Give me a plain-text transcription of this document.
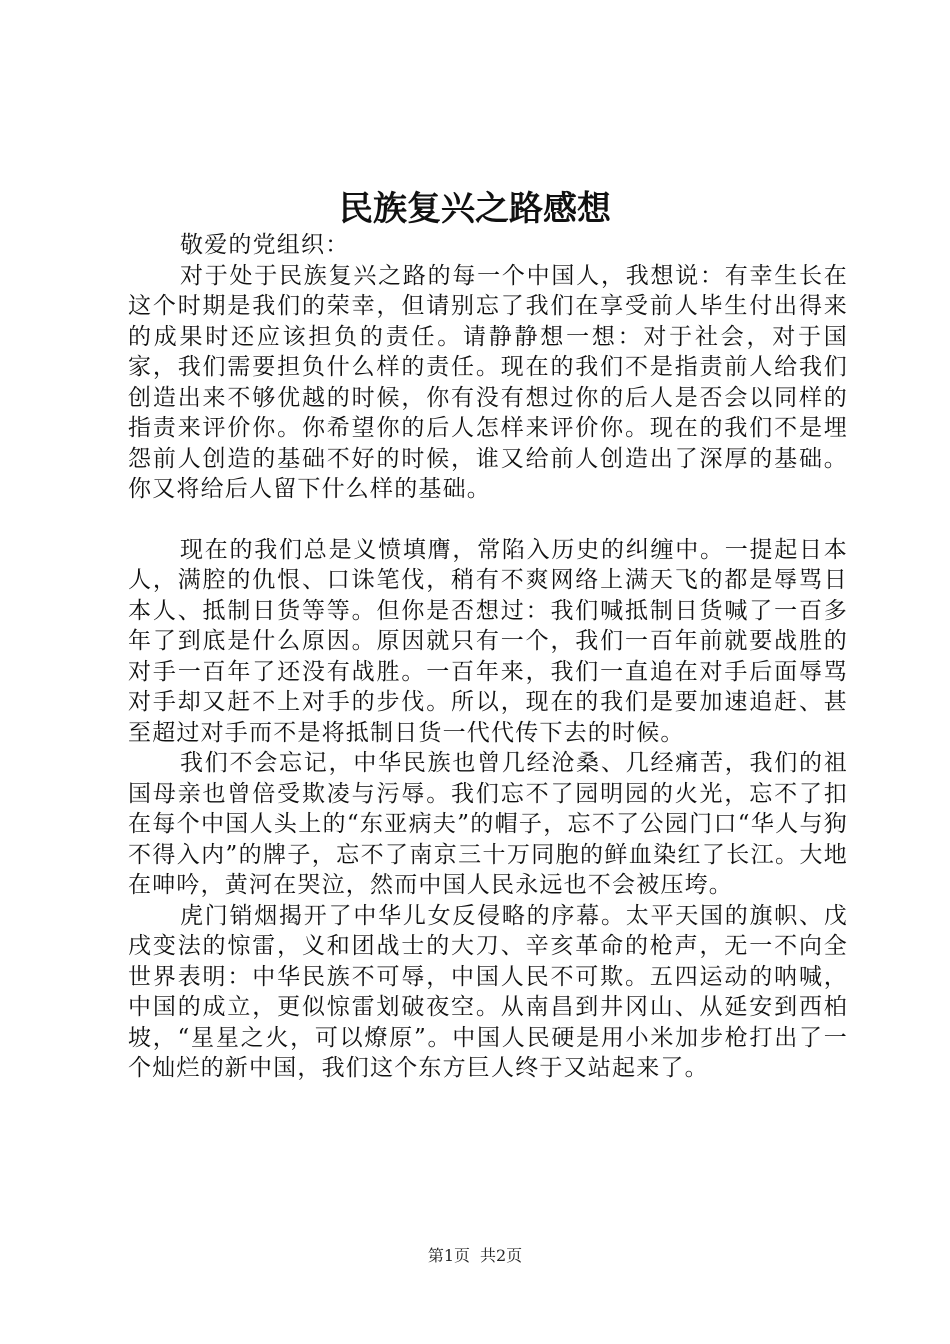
民族复兴之路感想

敬爱的党组织：

对于处于民族复兴之路的每一个中国人，我想说：有幸生长在这个时期是我们的荣幸，但请别忘了我们在享受前人毕生付出得来的成果时还应该担负的责任。请静静想一想：对于社会，对于国家，我们需要担负什么样的责任。现在的我们不是指责前人给我们创造出来不够优越的时候，你有没有想过你的后人是否会以同样的指责来评价你。你希望你的后人怎样来评价你。现在的我们不是埋怨前人创造的基础不好的时候，谁又给前人创造出了深厚的基础。你又将给后人留下什么样的基础。

现在的我们总是义愤填膺，常陷入历史的纠缠中。一提起日本人，满腔的仇恨、口诛笔伐，稍有不爽网络上满天飞的都是辱骂日本人、抵制日货等等。但你是否想过：我们喊抵制日货喊了一百多年了到底是什么原因。原因就只有一个，我们一百年前就要战胜的对手一百年了还没有战胜。一百年来，我们一直追在对手后面辱骂对手却又赶不上对手的步伐。所以，现在的我们是要加速追赶、甚至超过对手而不是将抵制日货一代代传下去的时候。

我们不会忘记，中华民族也曾几经沧桑、几经痛苦，我们的祖国母亲也曾倍受欺凌与污辱。我们忘不了园明园的火光，忘不了扣在每个中国人头上的“东亚病夫”的帽子，忘不了公园门口“华人与狗不得入内”的牌子，忘不了南京三十万同胞的鲜血染红了长江。大地在呻吟，黄河在哭泣，然而中国人民永远也不会被压垮。

虎门销烟揭开了中华儿女反侵略的序幕。太平天国的旗帜、戊戌变法的惊雷，义和团战士的大刀、辛亥革命的枪声，无一不向全世界表明：中华民族不可辱，中国人民不可欺。五四运动的呐喊，中国的成立，更似惊雷划破夜空。从南昌到井冈山、从延安到西柏坡，“星星之火，可以燎原”。中国人民硬是用小米加步枪打出了一个灿烂的新中国，我们这个东方巨人终于又站起来了。

第1页 共2页
